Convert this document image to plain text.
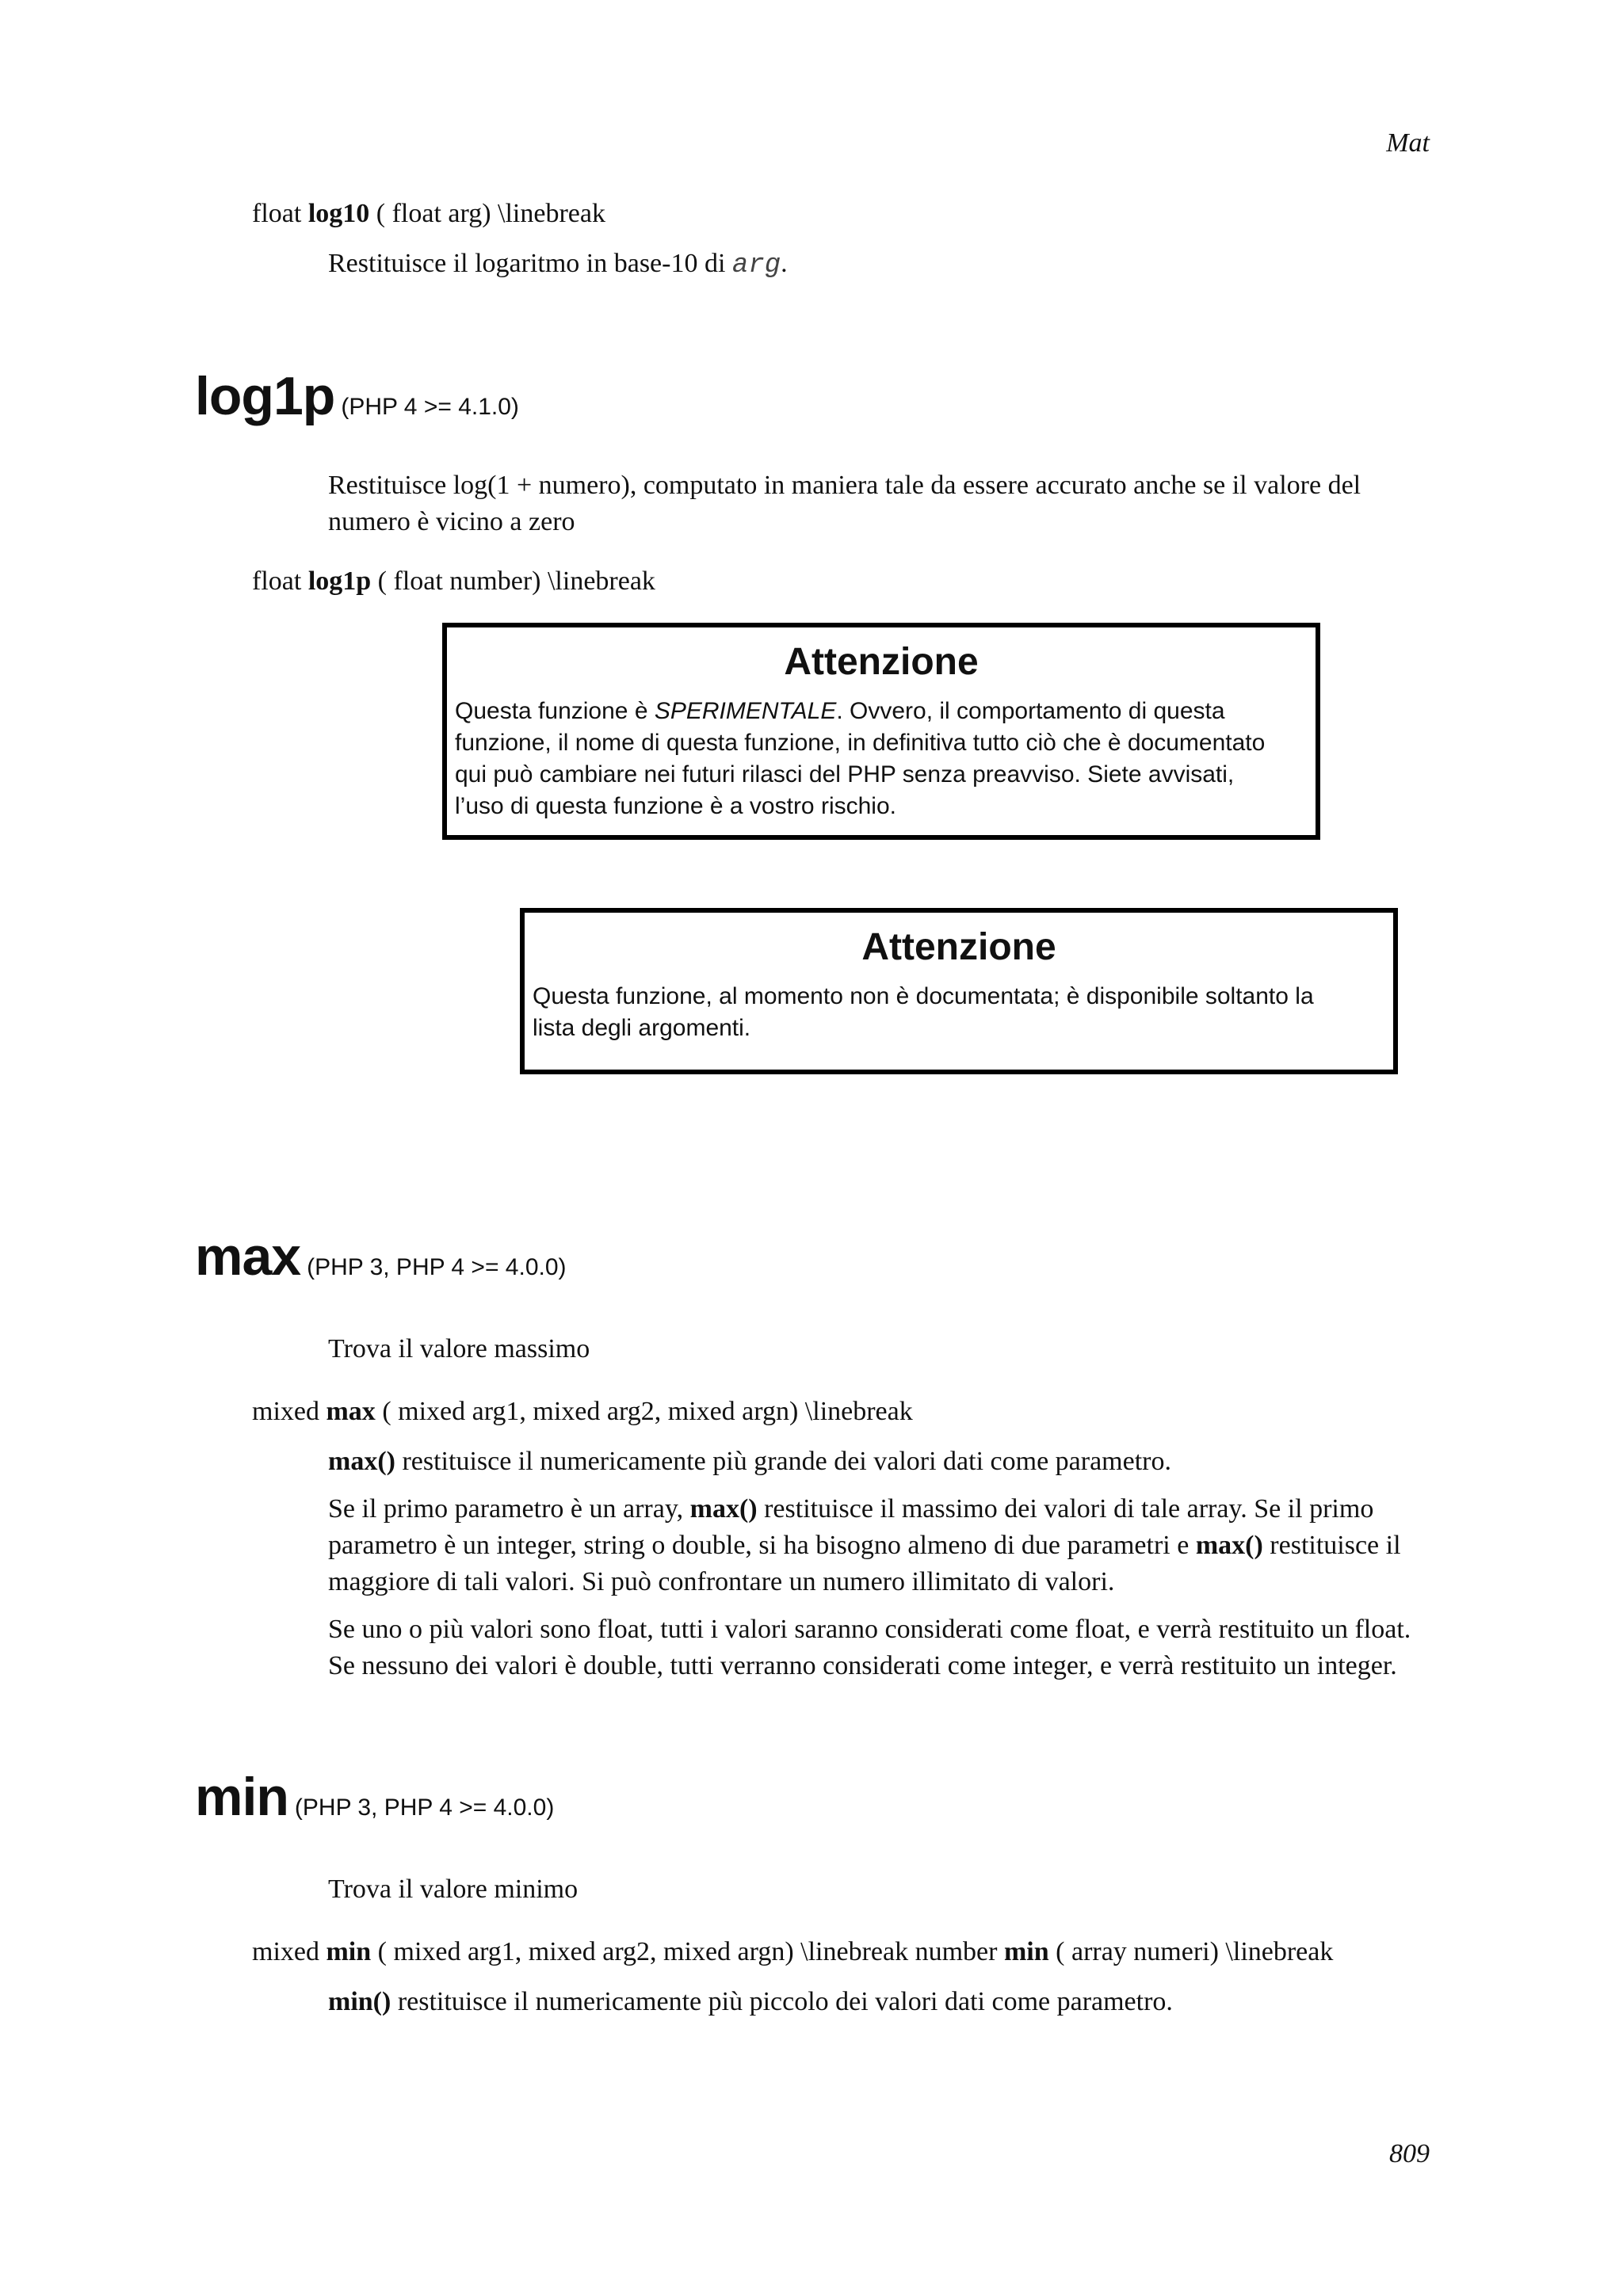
Mat
float log10 ( float arg) \linebreak
Restituisce il logaritmo in base-10 di arg.
log1p (PHP 4 >= 4.1.0)

Restituisce log(1 + numero), computato in maniera tale da essere accurato anche se il valore del

numero è vicino a zero

float log1p ( float number) \linebreak
Attenzione
Questa funzione è SPERIMENTALE. Ovvero, il comportamento di questa
funzione, il nome di questa funzione, in definitiva tutto ciò che è documentato
qui può cambiare nei futuri rilasci del PHP senza preavviso. Siete avvisati,
l’uso di questa funzione è a vostro rischio.
Attenzione
Questa funzione, al momento non è documentata; è disponibile soltanto la
lista degli argomenti.
max (PHP 3, PHP 4 >= 4.0.0)
Trova il valore massimo
mixed max ( mixed arg1, mixed arg2, mixed argn) \linebreak

max() restituisce il numericamente più grande dei valori dati come parametro.

Se il primo parametro è un array, max() restituisce il massimo dei valori di tale array. Se il primo
parametro è un integer, string o double, si ha bisogno almeno di due parametri e max() restituisce il
maggiore di tali valori. Si può confrontare un numero illimitato di valori.

Se uno o più valori sono float, tutti i valori saranno considerati come float, e verrà restituito un float.
Se nessuno dei valori è double, tutti verranno considerati come integer, e verrà restituito un integer.

min (PHP 3, PHP 4 >= 4.0.0)
Trova il valore minimo
mixed min ( mixed arg1, mixed arg2, mixed argn) \linebreak number min ( array numeri) \linebreak

min() restituisce il numericamente più piccolo dei valori dati come parametro.

809
